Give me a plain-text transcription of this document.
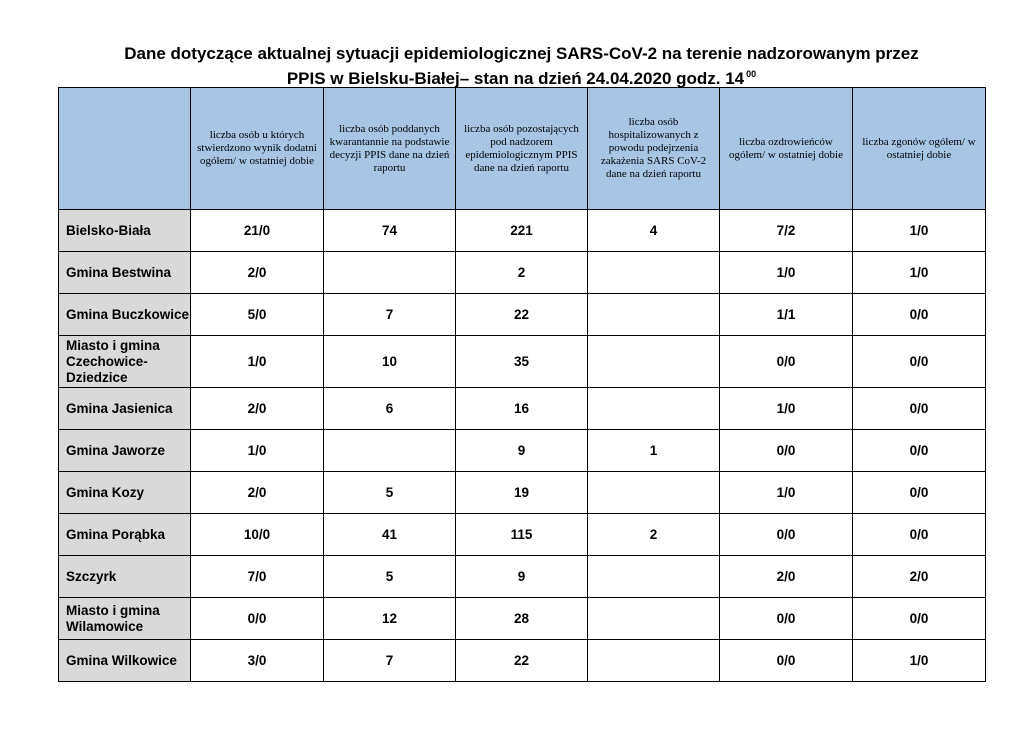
Dane dotyczące aktualnej sytuacji epidemiologicznej SARS-CoV-2 na terenie nadzorowanym przez
PPIS w Bielsku-Białej– stan na dzień 24.04.2020 godz. 14 $^{00}$
	liczba osób u których stwierdzono wynik dodatni ogółem/ w ostatniej dobie	liczba osób poddanych kwarantannie na podstawie decyzji PPIS dane na dzień raportu	liczba osób pozostających pod nadzorem epidemiologicznym PPIS dane na dzień raportu	liczba osób hospitalizowanych z powodu podejrzenia zakażenia SARS CoV-2 dane na dzień raportu	liczba ozdrowieńców ogółem/ w ostatniej dobie	liczba zgonów ogółem/ w ostatniej dobie
Bielsko-Biała	21/0	74	221	4	7/2	1/0
Gmina Bestwina	2/0		2		1/0	1/0
Gmina Buczkowice	5/0	7	22		1/1	0/0
Miasto i gmina Czechowice-Dziedzice	1/0	10	35		0/0	0/0
Gmina Jasienica	2/0	6	16		1/0	0/0
Gmina Jaworze	1/0		9	1	0/0	0/0
Gmina Kozy	2/0	5	19		1/0	0/0
Gmina Porąbka	10/0	41	115	2	0/0	0/0
Szczyrk	7/0	5	9		2/0	2/0
Miasto i gmina Wilamowice	0/0	12	28		0/0	0/0
Gmina Wilkowice	3/0	7	22		0/0	1/0
